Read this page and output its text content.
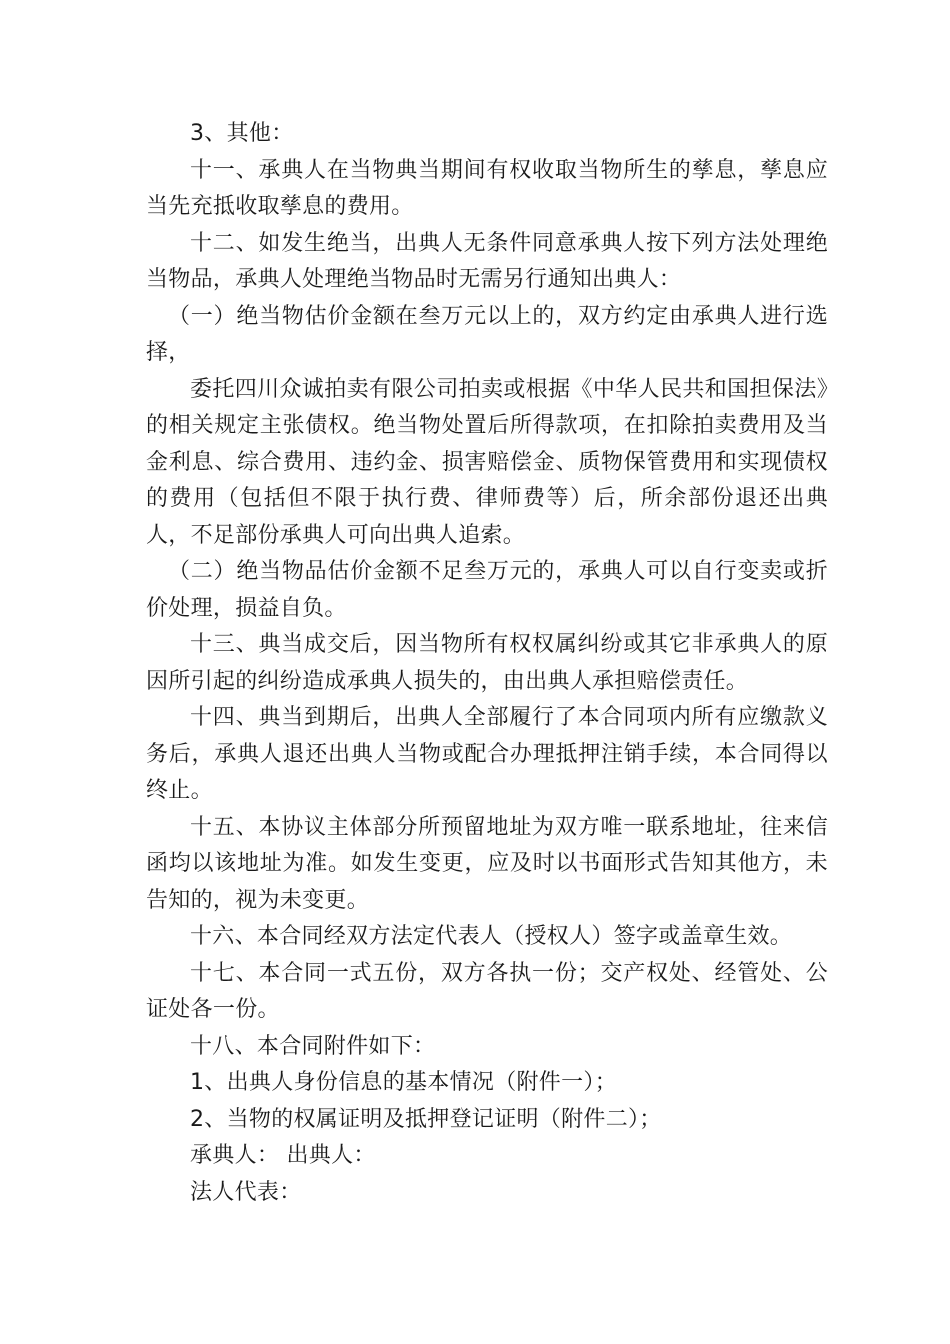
3、其他：

十一、承典人在当物典当期间有权收取当物所生的孳息，孳息应当先充抵收取孳息的费用。

十二、如发生绝当，出典人无条件同意承典人按下列方法处理绝当物品，承典人处理绝当物品时无需另行通知出典人：

（一）绝当物估价金额在叁万元以上的，双方约定由承典人进行选择，

委托四川众诚拍卖有限公司拍卖或根据《中华人民共和国担保法》的相关规定主张债权。绝当物处置后所得款项，在扣除拍卖费用及当金利息、综合费用、违约金、损害赔偿金、质物保管费用和实现债权的费用（包括但不限于执行费、律师费等）后，所余部份退还出典人，不足部份承典人可向出典人追索。

（二）绝当物品估价金额不足叁万元的，承典人可以自行变卖或折价处理，损益自负。

十三、典当成交后，因当物所有权权属纠纷或其它非承典人的原因所引起的纠纷造成承典人损失的，由出典人承担赔偿责任。

十四、典当到期后，出典人全部履行了本合同项内所有应缴款义务后，承典人退还出典人当物或配合办理抵押注销手续，本合同得以终止。

十五、本协议主体部分所预留地址为双方唯一联系地址，往来信函均以该地址为准。如发生变更，应及时以书面形式告知其他方，未告知的，视为未变更。

十六、本合同经双方法定代表人（授权人）签字或盖章生效。

十七、本合同一式五份，双方各执一份；交产权处、经管处、公证处各一份。

十八、本合同附件如下：

1、出典人身份信息的基本情况（附件一）；

2、当物的权属证明及抵押登记证明（附件二）；

承典人： 出典人：

法人代表：
